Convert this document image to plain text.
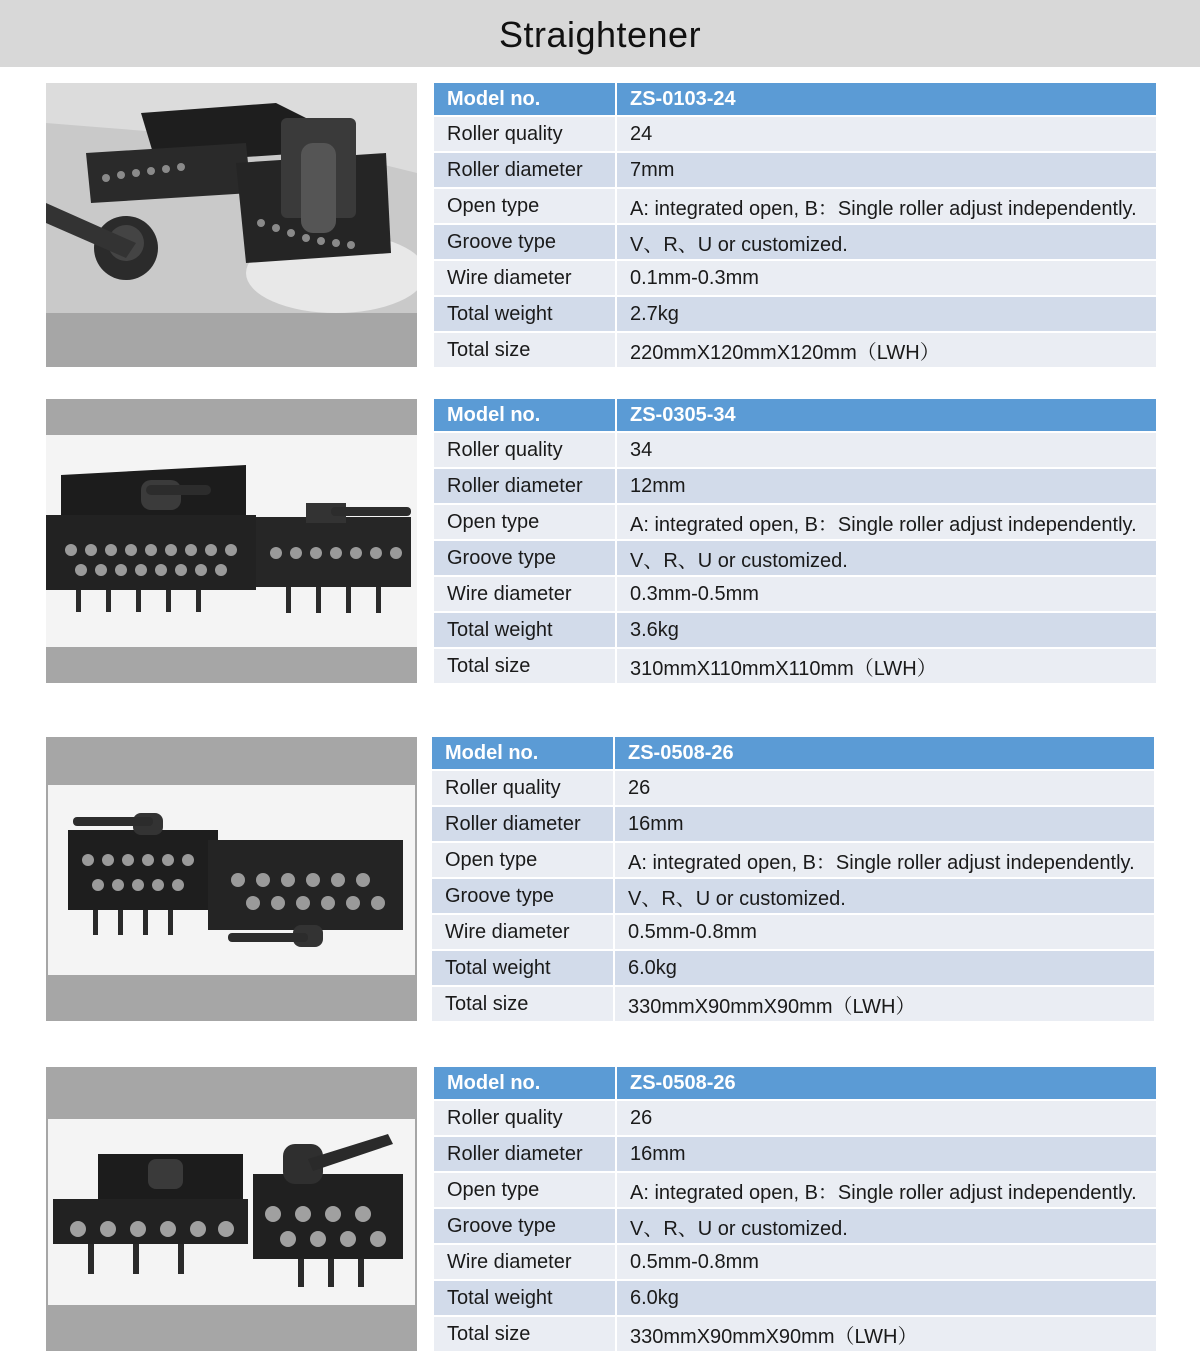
Straightener
Model no.	ZS-0103-24
Roller quality	24
Roller diameter	7mm
Open type	A: integrated open, B：Single roller adjust independently.
Groove type	V、R、U or customized.
Wire diameter	0.1mm-0.3mm
Total weight	2.7kg
Total size	220mmX120mmX120mm（LWH）
Model no.	ZS-0305-34
Roller quality	34
Roller diameter	12mm
Open type	A: integrated open, B：Single roller adjust independently.
Groove type	V、R、U or customized.
Wire diameter	0.3mm-0.5mm
Total weight	3.6kg
Total size	310mmX110mmX110mm（LWH）
Model no.	ZS-0508-26
Roller quality	26
Roller diameter	16mm
Open type	A: integrated open, B：Single roller adjust independently.
Groove type	V、R、U or customized.
Wire diameter	0.5mm-0.8mm
Total weight	6.0kg
Total size	330mmX90mmX90mm（LWH）
Model no.	ZS-0508-26
Roller quality	26
Roller diameter	16mm
Open type	A: integrated open, B：Single roller adjust independently.
Groove type	V、R、U or customized.
Wire diameter	0.5mm-0.8mm
Total weight	6.0kg
Total size	330mmX90mmX90mm（LWH）
